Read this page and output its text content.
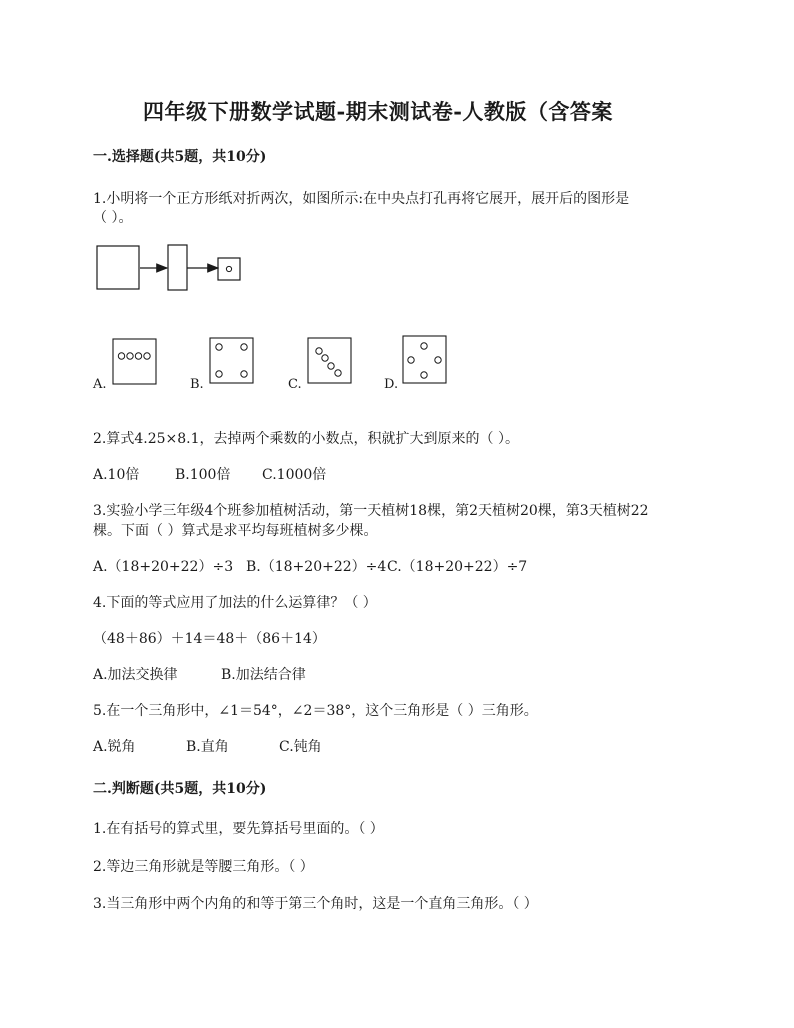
四年级下册数学试题-期末测试卷-人教版（含答案
一.选择题(共5题，共10分)
1.小明将一个正方形纸对折两次，如图所示:在中央点打孔再将它展开，展开后的图形是
（ ）。
A.	B.	C.	D.
2.算式4.25×8.1，去掉两个乘数的小数点，积就扩大到原来的（ ）。
A.10倍	B.100倍 C.1000倍
3.实验小学三年级4个班参加植树活动，第一天植树18棵，第2天植树20棵，第3天植树22
棵。下面（ ）算式是求平均每班植树多少棵。
A.（18+20+22）÷3 B.（18+20+22）÷4 C.（18+20+22）÷7
4.下面的等式应用了加法的什么运算律？（ ）
（48＋86）＋14＝48＋（86＋14）
A.加法交换律	B.加法结合律
5.在一个三角形中，∠1＝54°，∠2＝38°，这个三角形是（ ）三角形。
A.锐角	B.直角	C.钝角
二.判断题(共5题，共10分)
1.在有括号的算式里，要先算括号里面的。（ ）
2.等边三角形就是等腰三角形。（ ）
3.当三角形中两个内角的和等于第三个角时，这是一个直角三角形。（ ）
